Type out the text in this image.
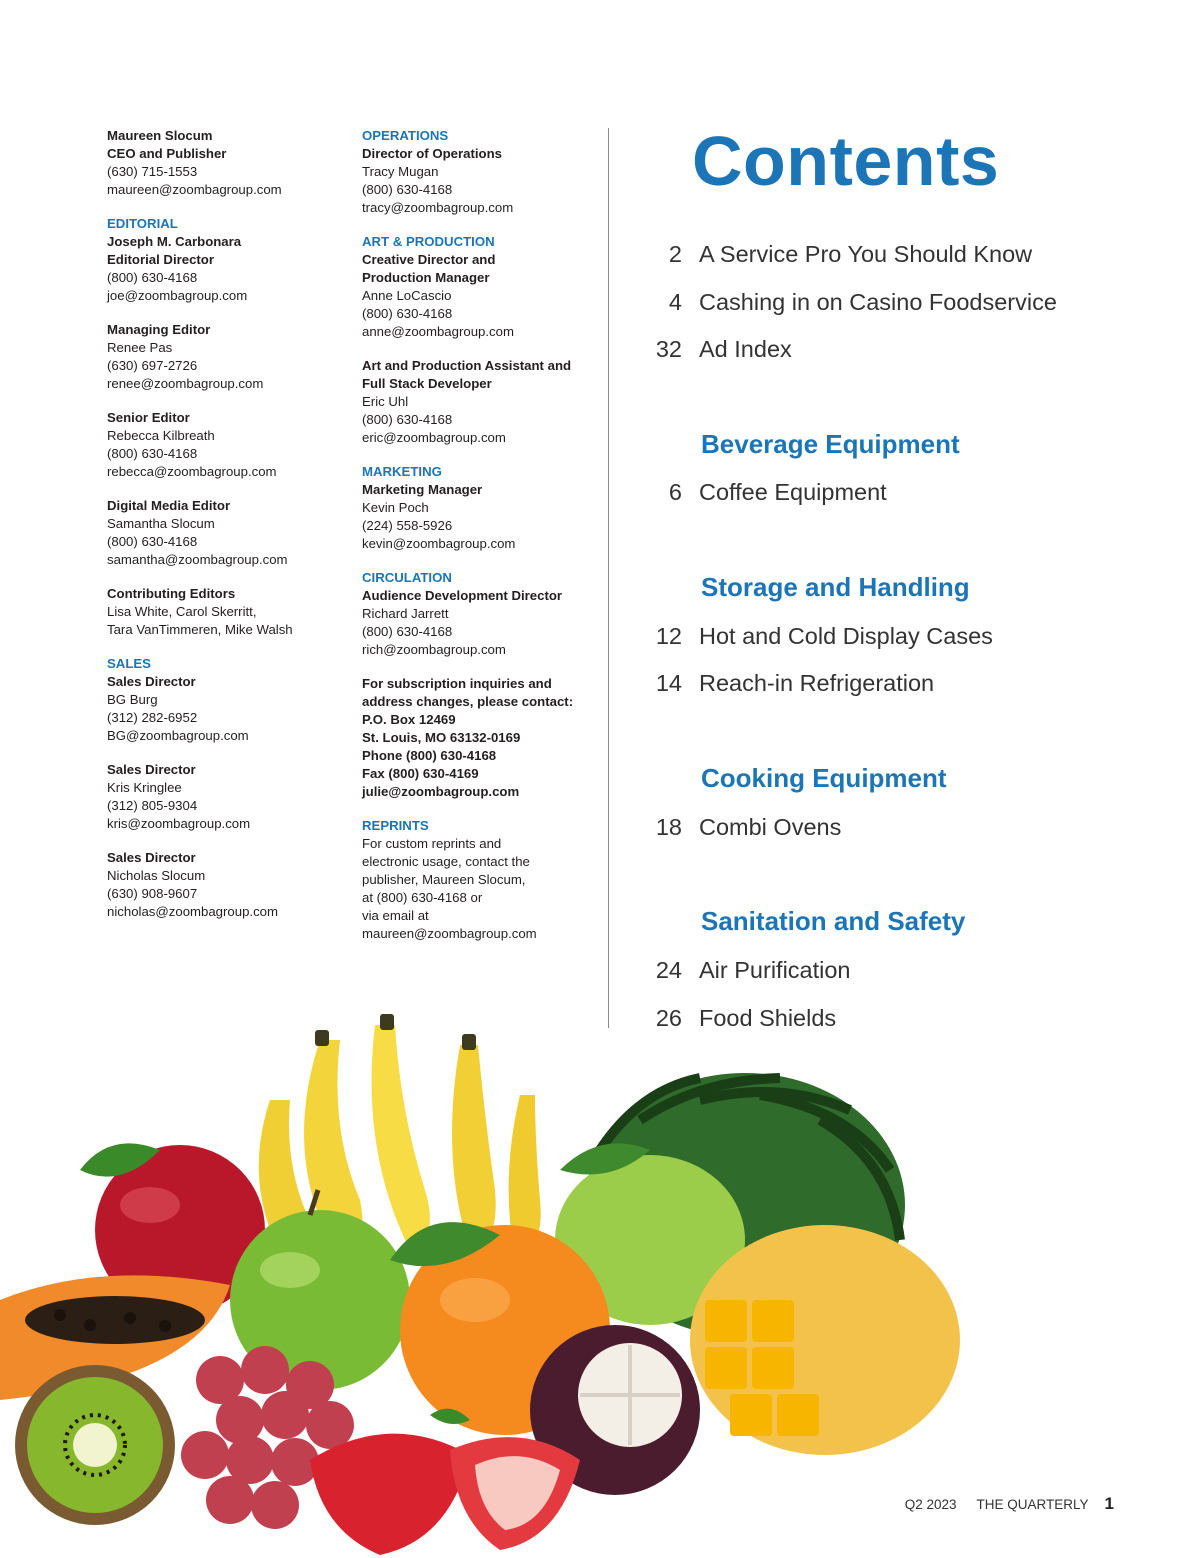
Maureen Slocum
CEO and Publisher
(630) 715-1553
maureen@zoombagroup.com
EDITORIAL
Joseph M. Carbonara
Editorial Director
(800) 630-4168
joe@zoombagroup.com
Managing Editor
Renee Pas
(630) 697-2726
renee@zoombagroup.com
Senior Editor
Rebecca Kilbreath
(800) 630-4168
rebecca@zoombagroup.com
Digital Media Editor
Samantha Slocum
(800) 630-4168
samantha@zoombagroup.com
Contributing Editors
Lisa White, Carol Skerritt,
Tara VanTimmeren, Mike Walsh
SALES
Sales Director
BG Burg
(312) 282-6952
BG@zoombagroup.com
Sales Director
Kris Kringlee
(312) 805-9304
kris@zoombagroup.com
Sales Director
Nicholas Slocum
(630) 908-9607
nicholas@zoombagroup.com
OPERATIONS
Director of Operations
Tracy Mugan
(800) 630-4168
tracy@zoombagroup.com
ART & PRODUCTION
Creative Director and
Production Manager
Anne LoCascio
(800) 630-4168
anne@zoombagroup.com
Art and Production Assistant and
Full Stack Developer
Eric Uhl
(800) 630-4168
eric@zoombagroup.com
MARKETING
Marketing Manager
Kevin Poch
(224) 558-5926
kevin@zoombagroup.com
CIRCULATION
Audience Development Director
Richard Jarrett
(800) 630-4168
rich@zoombagroup.com
For subscription inquiries and
address changes, please contact:
P.O. Box 12469
St. Louis, MO 63132-0169
Phone (800) 630-4168
Fax (800) 630-4169
julie@zoombagroup.com
REPRINTS
For custom reprints and
electronic usage, contact the
publisher, Maureen Slocum,
at (800) 630-4168 or
via email at
maureen@zoombagroup.com
Contents
2 A Service Pro You Should Know
4 Cashing in on Casino Foodservice
32 Ad Index
Beverage Equipment
6 Coffee Equipment
Storage and Handling
12 Hot and Cold Display Cases
14 Reach-in Refrigeration
Cooking Equipment
18 Combi Ovens
Sanitation and Safety
24 Air Purification
26 Food Shields
Q2 2023 THE QUARTERLY 1
